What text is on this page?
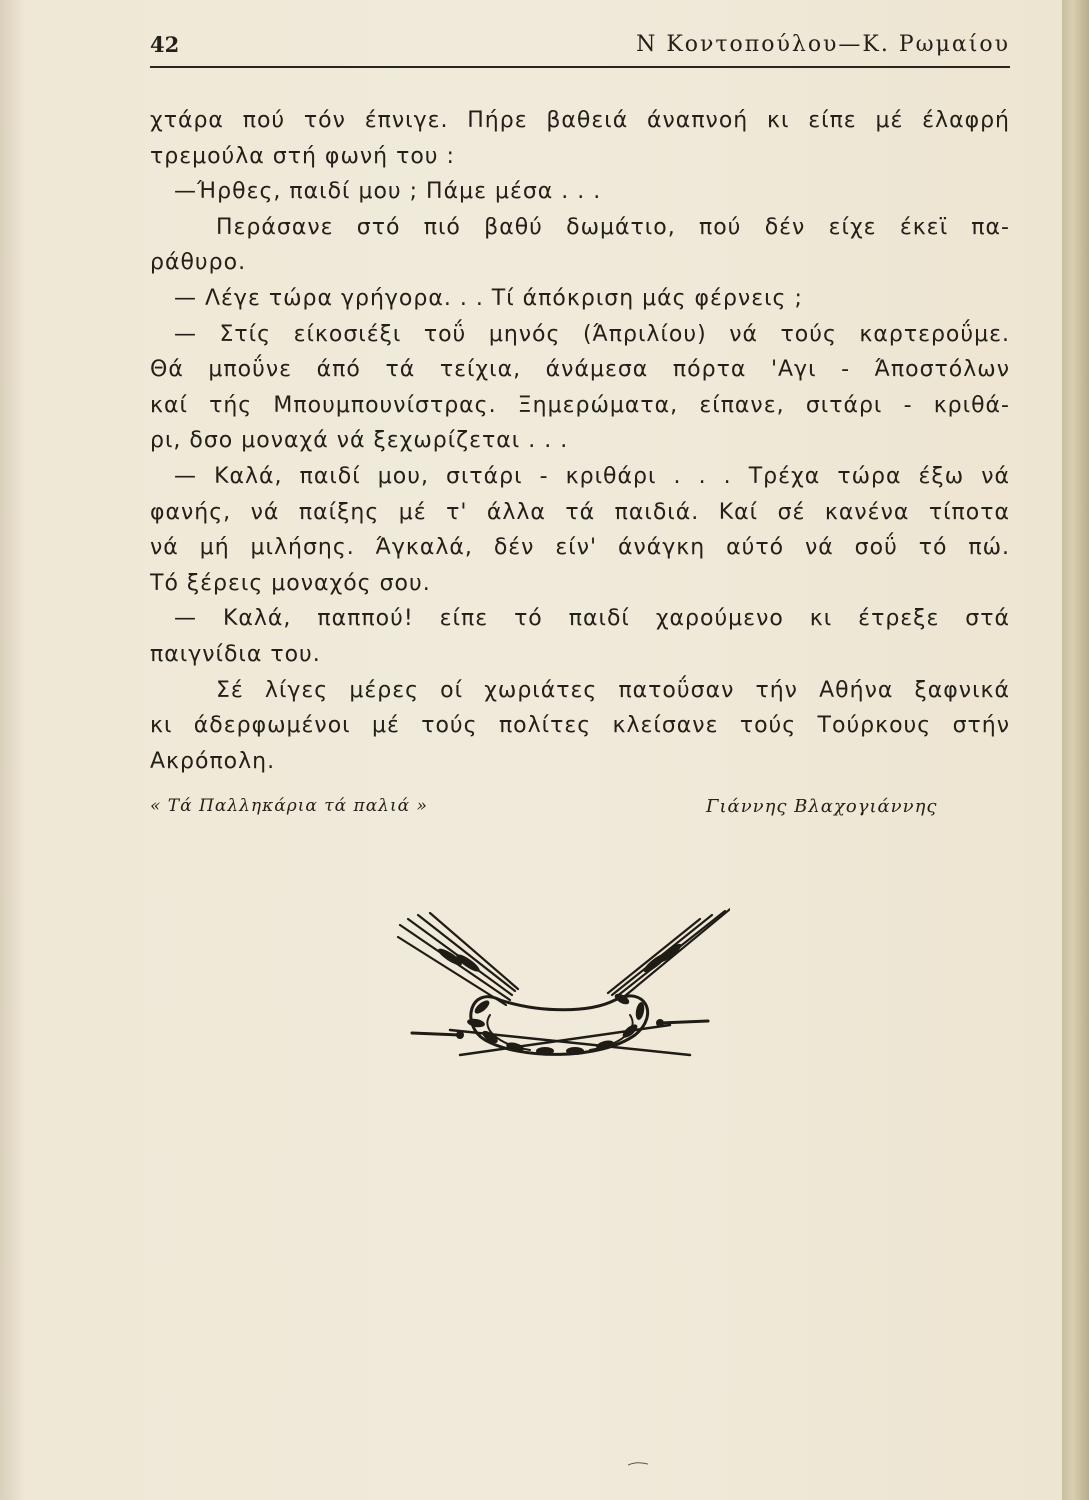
42	Ν Κοντοπούλου—Κ. Ρωμαίου
χτάρα πού τόν έπνιγε. Πήρε βαθειά άναπνοή κι είπε μέ έλαφρή
τρεμούλα στή φωνή του :
—Ήρθες, παιδί μου ; Πάμε μέσα . . .
Περάσανε στό πιό βαθύ δωμάτιο, πού δέν είχε έκεϊ πα-
ράθυρο.
— Λέγε τώρα γρήγορα. . . Τί άπόκριση μάς φέρνεις ;
— Στίς είκοσιέξι τοΰ μηνός (Άπριλίου) νά τούς καρτεροΰμε.
Θά μποΰνε άπό τά τείχια, άνάμεσα πόρτα 'Αγι - Άποστόλων
καί τής Μπουμπουνίστρας. Ξημερώματα, είπανε, σιτάρι - κριθά-
ρι, δσο μοναχά νά ξεχωρίζεται . . .
— Καλά, παιδί μου, σιτάρι - κριθάρι . . . Τρέχα τώρα έξω νά
φανής, νά παίξης μέ τ' άλλα τά παιδιά. Καί σέ κανένα τίποτα
νά μή μιλήσης. Άγκαλά, δέν είν' άνάγκη αύτό νά σοΰ τό πώ.
Τό ξέρεις μοναχός σου.
— Καλά, παππού! είπε τό παιδί χαρούμενο κι έτρεξε στά
παιγνίδια του.
Σέ λίγες μέρες οί χωριάτες πατοΰσαν τήν Αθήνα ξαφνικά
κι άδερφωμένοι μέ τούς πολίτες κλείσανε τούς Τούρκους στήν
Ακρόπολη.
« Τά Παλληκάρια τά παλιά »	Γιάννης Βλαχογιάννης
